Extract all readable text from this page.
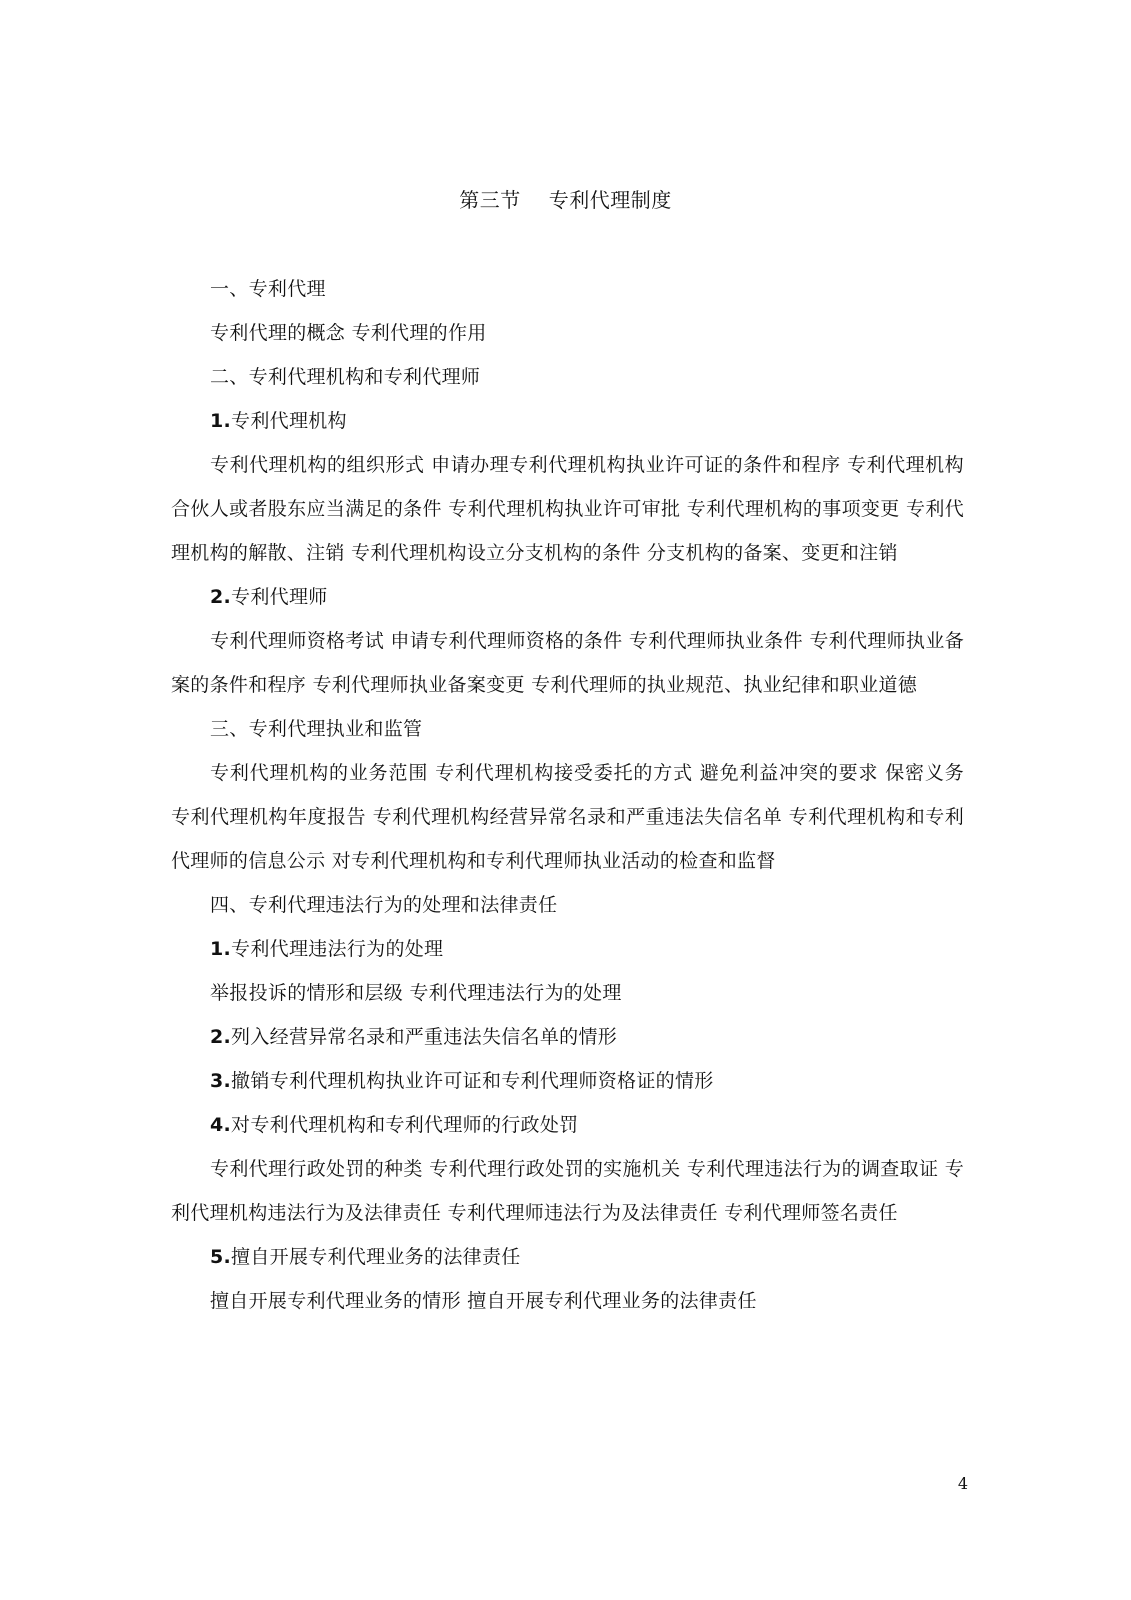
第三节 专利代理制度

一、专利代理

专利代理的概念 专利代理的作用

二、专利代理机构和专利代理师

1.专利代理机构

专利代理机构的组织形式 申请办理专利代理机构执业许可证的条件和程序 专利代理机构合伙人或者股东应当满足的条件 专利代理机构执业许可审批 专利代理机构的事项变更 专利代理机构的解散、注销 专利代理机构设立分支机构的条件 分支机构的备案、变更和注销

2.专利代理师

专利代理师资格考试 申请专利代理师资格的条件 专利代理师执业条件 专利代理师执业备案的条件和程序 专利代理师执业备案变更 专利代理师的执业规范、执业纪律和职业道德

三、专利代理执业和监管

专利代理机构的业务范围 专利代理机构接受委托的方式 避免利益冲突的要求 保密义务 专利代理机构年度报告 专利代理机构经营异常名录和严重违法失信名单 专利代理机构和专利代理师的信息公示 对专利代理机构和专利代理师执业活动的检查和监督

四、专利代理违法行为的处理和法律责任

1.专利代理违法行为的处理

举报投诉的情形和层级 专利代理违法行为的处理

2.列入经营异常名录和严重违法失信名单的情形

3.撤销专利代理机构执业许可证和专利代理师资格证的情形

4.对专利代理机构和专利代理师的行政处罚

专利代理行政处罚的种类 专利代理行政处罚的实施机关 专利代理违法行为的调查取证 专利代理机构违法行为及法律责任 专利代理师违法行为及法律责任 专利代理师签名责任

5.擅自开展专利代理业务的法律责任

擅自开展专利代理业务的情形 擅自开展专利代理业务的法律责任

4
